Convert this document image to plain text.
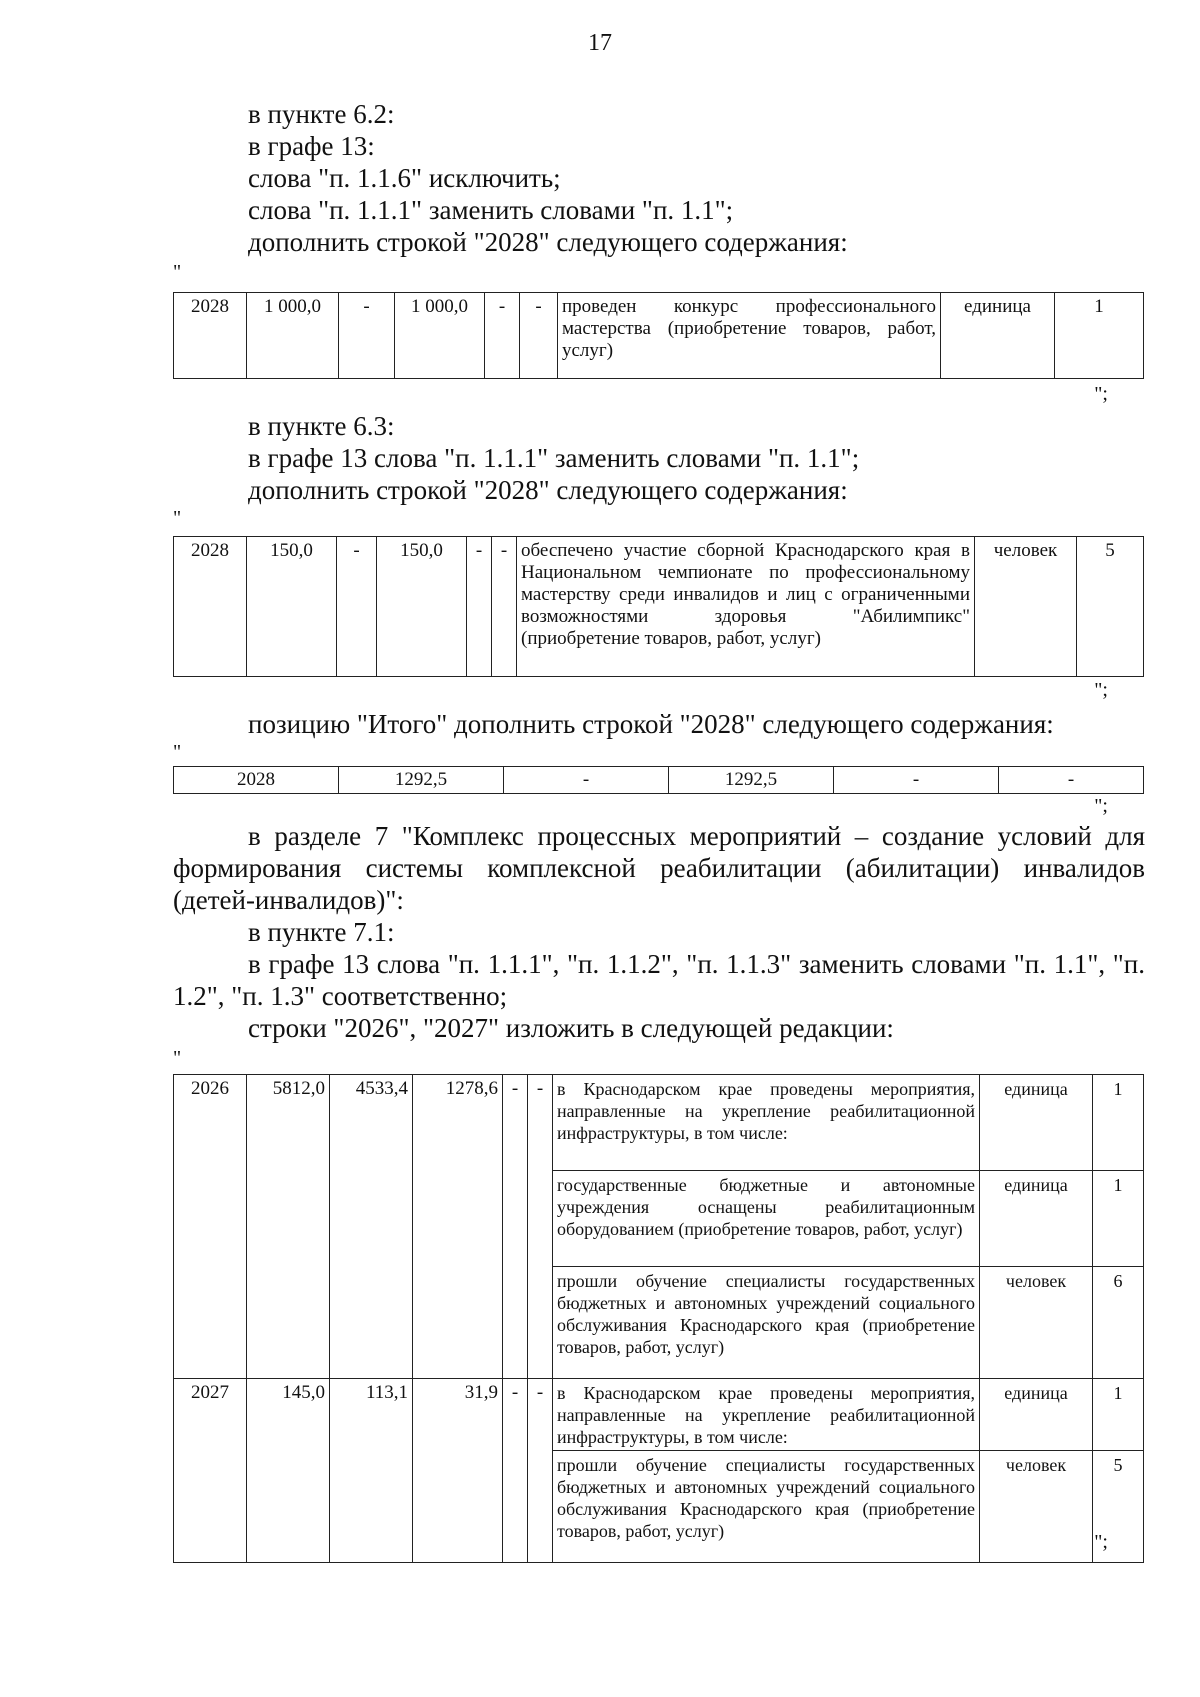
17
в пункте 6.2:
в графе 13:
слова "п. 1.1.6" исключить;
слова "п. 1.1.1" заменить словами "п. 1.1";
дополнить строкой "2028" следующего содержания:
"
2028	1 000,0	-	1 000,0	-	-	проведен конкурс профессионального мастерства (приобретение товаров, работ, услуг)	единица	1
";
в пункте 6.3:
в графе 13 слова "п. 1.1.1" заменить словами "п. 1.1";
дополнить строкой "2028" следующего содержания:
"
2028	150,0	-	150,0	-	-	обеспечено участие сборной Краснодарского края в Национальном чемпионате по профессиональному мастерству среди инвалидов и лиц с ограниченными возможностями здоровья "Абилимпикс" (приобретение товаров, работ, услуг)	человек	5
";
позицию "Итого" дополнить строкой "2028" следующего содержания:
"
2028	1292,5	-	1292,5	-	-
";
в разделе 7 "Комплекс процессных мероприятий – создание условий для формирования системы комплексной реабилитации (абилитации) инвалидов (детей-инвалидов)":
в пункте 7.1:
в графе 13 слова "п. 1.1.1", "п. 1.1.2", "п. 1.1.3" заменить словами "п. 1.1", "п. 1.2", "п. 1.3" соответственно;
строки "2026", "2027" изложить в следующей редакции:
"
2026	5812,0	4533,4	1278,6	-	-	в Краснодарском крае проведены мероприятия, направленные на укрепление реабилитационной инфраструктуры, в том числе:	единица	1
						государственные бюджетные и автономные учреждения оснащены реабилитационным оборудованием (приобретение товаров, работ, услуг)	единица	1
						прошли обучение специалисты государственных бюджетных и автономных учреждений социального обслуживания Краснодарского края (приобретение товаров, работ, услуг)	человек	6
2027	145,0	113,1	31,9	-	-	в Краснодарском крае проведены мероприятия, направленные на укрепление реабилитационной инфраструктуры, в том числе:	единица	1
						прошли обучение специалисты государственных бюджетных и автономных учреждений социального обслуживания Краснодарского края (приобретение товаров, работ, услуг)	человек	5
";
